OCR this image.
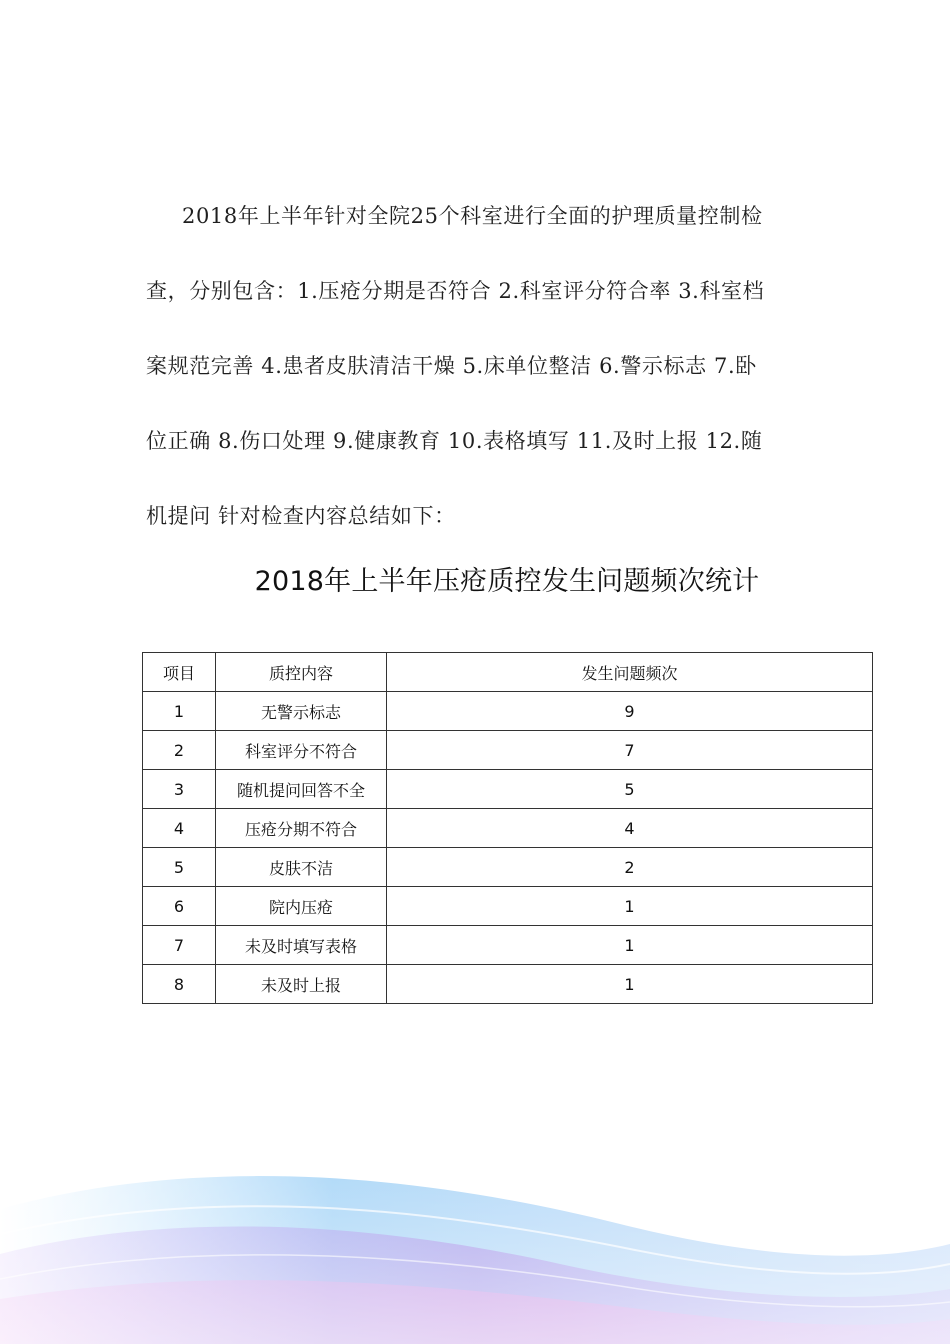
2018年上半年针对全院25个科室进行全面的护理质量控制检
查，分别包含：1.压疮分期是否符合 2.科室评分符合率 3.科室档
案规范完善 4.患者皮肤清洁干燥 5.床单位整洁 6.警示标志 7.卧
位正确 8.伤口处理 9.健康教育 10.表格填写 11.及时上报 12.随
机提问 针对检查内容总结如下：
2018年上半年压疮质控发生问题频次统计
项目	质控内容	发生问题频次
1	无警示标志	9
2	科室评分不符合	7
3	随机提问回答不全	5
4	压疮分期不符合	4
5	皮肤不洁	2
6	院内压疮	1
7	未及时填写表格	1
8	未及时上报	1
